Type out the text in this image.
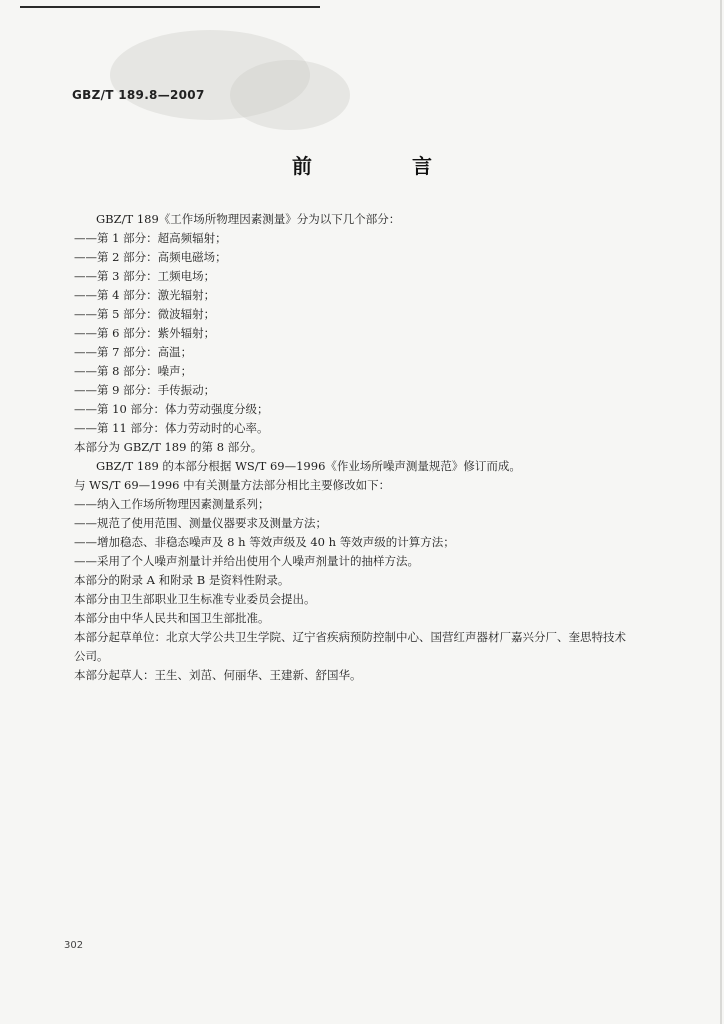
GBZ/T 189.8—2007
前　言
GBZ/T 189《工作场所物理因素测量》分为以下几个部分：
——第 1 部分：超高频辐射；
——第 2 部分：高频电磁场；
——第 3 部分：工频电场；
——第 4 部分：激光辐射；
——第 5 部分：微波辐射；
——第 6 部分：紫外辐射；
——第 7 部分：高温；
——第 8 部分：噪声；
——第 9 部分：手传振动；
——第 10 部分：体力劳动强度分级；
——第 11 部分：体力劳动时的心率。
本部分为 GBZ/T 189 的第 8 部分。
GBZ/T 189 的本部分根据 WS/T 69—1996《作业场所噪声测量规范》修订而成。
与 WS/T 69—1996 中有关测量方法部分相比主要修改如下：
——纳入工作场所物理因素测量系列；
——规范了使用范围、测量仪器要求及测量方法；
——增加稳态、非稳态噪声及 8 h 等效声级及 40 h 等效声级的计算方法；
——采用了个人噪声剂量计并给出使用个人噪声剂量计的抽样方法。
本部分的附录 A 和附录 B 是资料性附录。
本部分由卫生部职业卫生标准专业委员会提出。
本部分由中华人民共和国卫生部批准。
本部分起草单位：北京大学公共卫生学院、辽宁省疾病预防控制中心、国营红声器材厂嘉兴分厂、奎思特技术公司。
本部分起草人：王生、刘茁、何丽华、王建新、舒国华。
302
